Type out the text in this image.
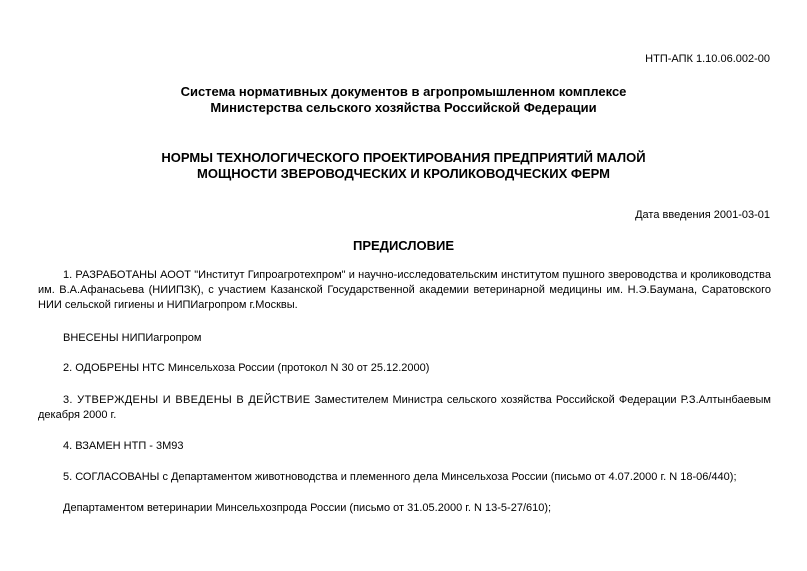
НТП-АПК 1.10.06.002-00
Система нормативных документов в агропромышленном комплексе
Министерства сельского хозяйства Российской Федерации
НОРМЫ ТЕХНОЛОГИЧЕСКОГО ПРОЕКТИРОВАНИЯ ПРЕДПРИЯТИЙ МАЛОЙ
МОЩНОСТИ ЗВЕРОВОДЧЕСКИХ И КРОЛИКОВОДЧЕСКИХ ФЕРМ
Дата введения 2001-03-01
ПРЕДИСЛОВИЕ
1. РАЗРАБОТАНЫ АООТ "Институт Гипроагротехпром" и научно-исследовательским институтом пушного звероводства и кролиководства им. В.А.Афанасьева (НИИПЗК), с участием Казанской Государственной академии ветеринарной медицины им. Н.Э.Баумана, Саратовского НИИ сельской гигиены и НИПИагропром г.Москвы.
ВНЕСЕНЫ НИПИагропром
2. ОДОБРЕНЫ НТС Минсельхоза России (протокол N 30 от 25.12.2000)
3. УТВЕРЖДЕНЫ И ВВЕДЕНЫ В ДЕЙСТВИЕ Заместителем Министра сельского хозяйства Российской Федерации Р.З.Алтынбаевым декабря 2000 г.
4. ВЗАМЕН НТП - 3М93
5. СОГЛАСОВАНЫ с Департаментом животноводства и племенного дела Минсельхоза России (письмо от 4.07.2000 г. N 18-06/440);
Департаментом ветеринарии Минсельхозпрода России (письмо от 31.05.2000 г. N 13-5-27/610);
